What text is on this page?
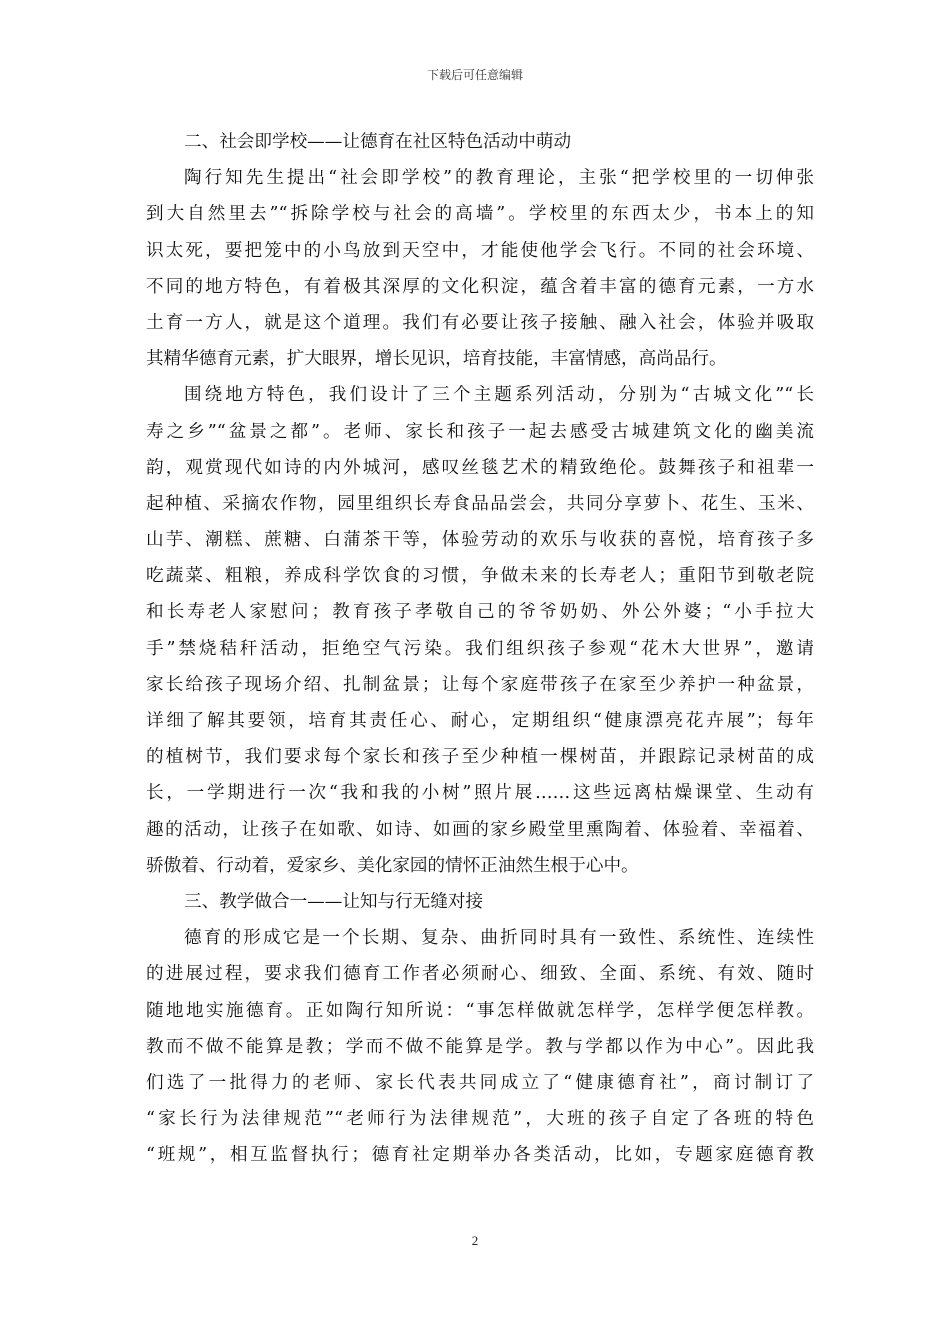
下载后可任意编辑
二、社会即学校——让德育在社区特色活动中萌动
陶行知先生提出“社会即学校”的教育理论，主张“把学校里的一切伸张
到大自然里去”“拆除学校与社会的高墙”。学校里的东西太少，书本上的知
识太死，要把笼中的小鸟放到天空中，才能使他学会飞行。不同的社会环境、
不同的地方特色，有着极其深厚的文化积淀，蕴含着丰富的德育元素，一方水
土育一方人，就是这个道理。我们有必要让孩子接触、融入社会，体验并吸取
其精华德育元素，扩大眼界，增长见识，培育技能，丰富情感，高尚品行。
围绕地方特色，我们设计了三个主题系列活动，分别为“古城文化”“长
寿之乡”“盆景之都”。老师、家长和孩子一起去感受古城建筑文化的幽美流
韵，观赏现代如诗的内外城河，感叹丝毯艺术的精致绝伦。鼓舞孩子和祖辈一
起种植、采摘农作物，园里组织长寿食品品尝会，共同分享萝卜、花生、玉米、
山芋、潮糕、蔗糖、白蒲茶干等，体验劳动的欢乐与收获的喜悦，培育孩子多
吃蔬菜、粗粮，养成科学饮食的习惯，争做未来的长寿老人；重阳节到敬老院
和长寿老人家慰问；教育孩子孝敬自己的爷爷奶奶、外公外婆；“小手拉大
手”禁烧秸秆活动，拒绝空气污染。我们组织孩子参观“花木大世界”，邀请
家长给孩子现场介绍、扎制盆景；让每个家庭带孩子在家至少养护一种盆景，
详细了解其要领，培育其责任心、耐心，定期组织“健康漂亮花卉展”；每年
的植树节，我们要求每个家长和孩子至少种植一棵树苗，并跟踪记录树苗的成
长，一学期进行一次“我和我的小树”照片展……这些远离枯燥课堂、生动有
趣的活动，让孩子在如歌、如诗、如画的家乡殿堂里熏陶着、体验着、幸福着、
骄傲着、行动着，爱家乡、美化家园的情怀正油然生根于心中。
三、教学做合一——让知与行无缝对接
德育的形成它是一个长期、复杂、曲折同时具有一致性、系统性、连续性
的进展过程，要求我们德育工作者必须耐心、细致、全面、系统、有效、随时
随地地实施德育。正如陶行知所说：“事怎样做就怎样学，怎样学便怎样教。
教而不做不能算是教；学而不做不能算是学。教与学都以作为中心”。因此我
们选了一批得力的老师、家长代表共同成立了“健康德育社”，商讨制订了
“家长行为法律规范”“老师行为法律规范”，大班的孩子自定了各班的特色
“班规”，相互监督执行；德育社定期举办各类活动，比如，专题家庭德育教
2
